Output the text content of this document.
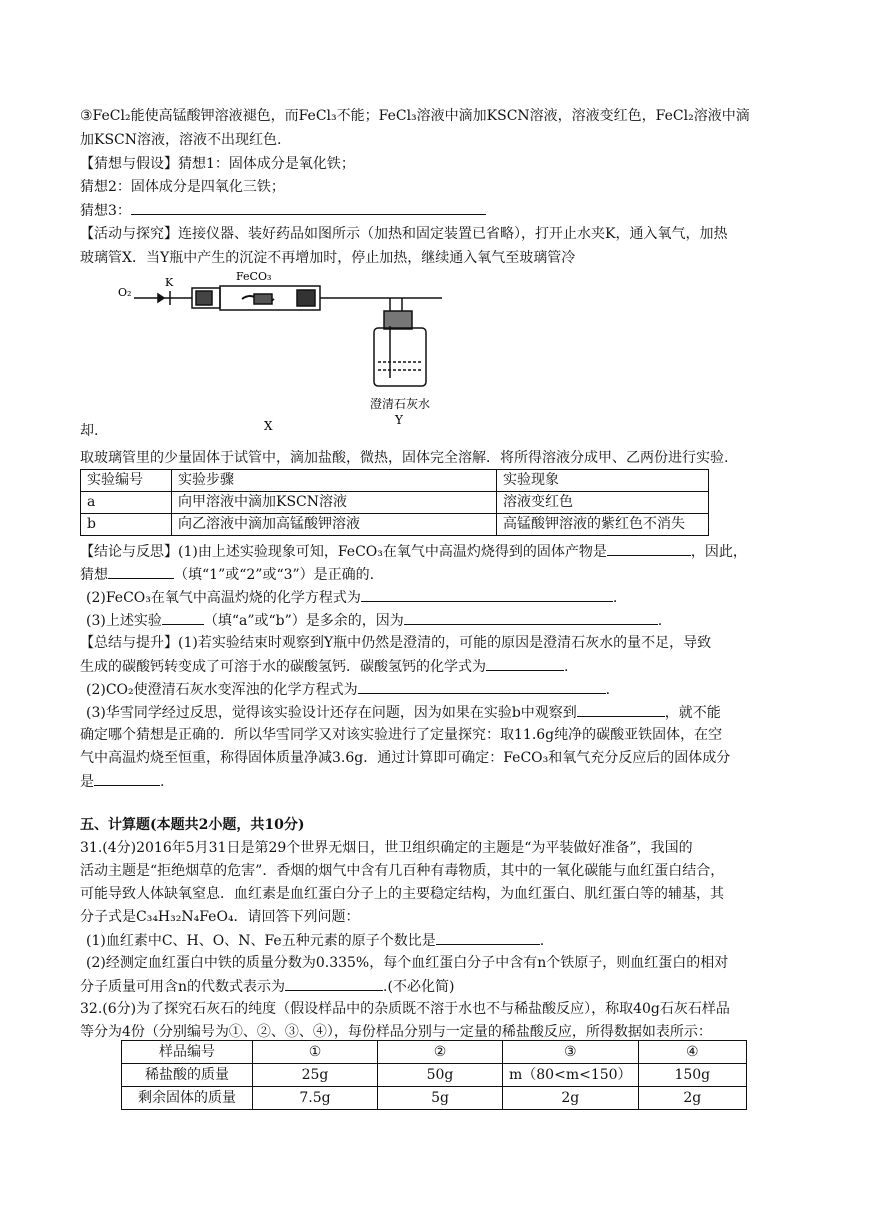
③FeCl₂能使高锰酸钾溶液褪色，而FeCl₃不能；FeCl₃溶液中滴加KSCN溶液，溶液变红色，FeCl₂溶液中滴
加KSCN溶液，溶液不出现红色.
【猜想与假设】猜想1：固体成分是氧化铁；
猜想2：固体成分是四氧化三铁；
猜想3：
【活动与探究】连接仪器、装好药品如图所示（加热和固定装置已省略），打开止水夹K，通入氧气，加热
玻璃管X．当Y瓶中产生的沉淀不再增加时，停止加热，继续通入氧气至玻璃管冷
O₂
K	FeCO₃
澄清石灰水
Y
X
却.
取玻璃管里的少量固体于试管中，滴加盐酸，微热，固体完全溶解．将所得溶液分成甲、乙两份进行实验.
实验编号	实验步骤	实验现象
a	向甲溶液中滴加KSCN溶液	溶液变红色
b	向乙溶液中滴加高锰酸钾溶液	高锰酸钾溶液的紫红色不消失
【结论与反思】(1)由上述实验现象可知，FeCO₃在氧气中高温灼烧得到的固体产物是	，因此，
猜想	（填“1”或“2”或“3”）是正确的.
(2)FeCO₃在氧气中高温灼烧的化学方程式为	.
(3)上述实验	（填“a”或“b”）是多余的，因为	.
【总结与提升】(1)若实验结束时观察到Y瓶中仍然是澄清的，可能的原因是澄清石灰水的量不足，导致
生成的碳酸钙转变成了可溶于水的碳酸氢钙．碳酸氢钙的化学式为	.
(2)CO₂使澄清石灰水变浑浊的化学方程式为	.
(3)华雪同学经过反思，觉得该实验设计还存在问题，因为如果在实验b中观察到	，就不能
确定哪个猜想是正确的．所以华雪同学又对该实验进行了定量探究：取11.6g纯净的碳酸亚铁固体，在空
气中高温灼烧至恒重，称得固体质量净减3.6g．通过计算即可确定：FeCO₃和氧气充分反应后的固体成分
是	.
五、计算题(本题共2小题，共10分)
31.(4分)2016年5月31日是第29个世界无烟日，世卫组织确定的主题是“为平装做好准备”，我国的
活动主题是“拒绝烟草的危害”．香烟的烟气中含有几百种有毒物质，其中的一氧化碳能与血红蛋白结合，
可能导致人体缺氧窒息．血红素是血红蛋白分子上的主要稳定结构，为血红蛋白、肌红蛋白等的辅基，其
分子式是C₃₄H₃₂N₄FeO₄．请回答下列问题：
(1)血红素中C、H、O、N、Fe五种元素的原子个数比是	.
(2)经测定血红蛋白中铁的质量分数为0.335%，每个血红蛋白分子中含有n个铁原子，则血红蛋白的相对
分子质量可用含n的代数式表示为	.(不必化简)
32.(6分)为了探究石灰石的纯度（假设样品中的杂质既不溶于水也不与稀盐酸反应），称取40g石灰石样品
等分为4份（分别编号为①、②、③、④），每份样品分别与一定量的稀盐酸反应，所得数据如表所示：
样品编号	①	②	③	④
稀盐酸的质量	25g	50g	m（80<m<150）	150g
剩余固体的质量	7.5g	5g	2g	2g
